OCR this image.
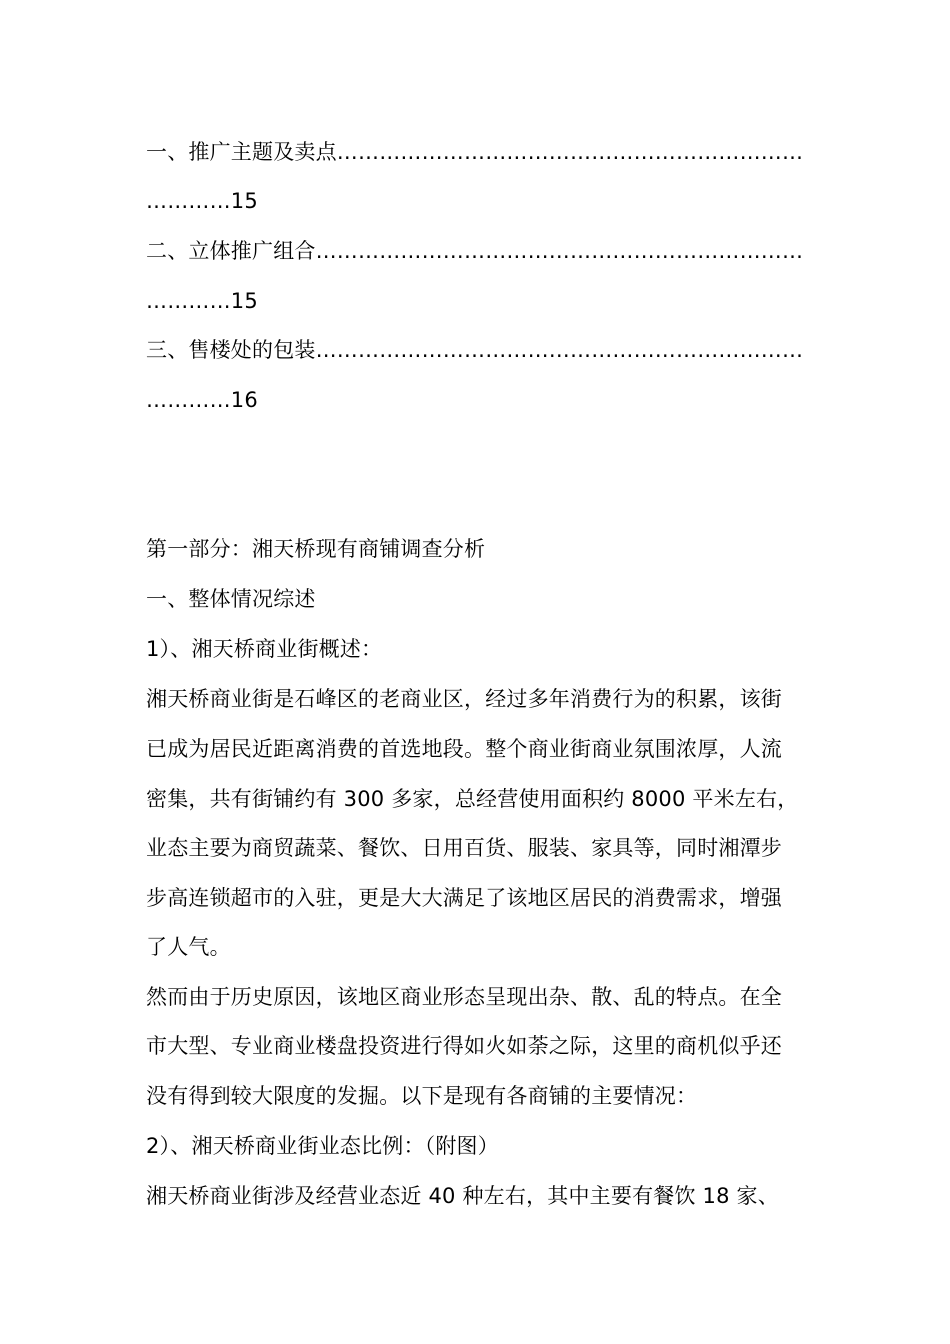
一、推广主题及卖点…………………………………………………………
…………15
二、立体推广组合……………………………………………………………
…………15
三、售楼处的包装……………………………………………………………
…………16
第一部分：湘天桥现有商铺调查分析
一、整体情况综述
1）、湘天桥商业街概述：
湘天桥商业街是石峰区的老商业区，经过多年消费行为的积累，该街
已成为居民近距离消费的首选地段。整个商业街商业氛围浓厚，人流
密集，共有街铺约有 300 多家，总经营使用面积约 8000 平米左右，
业态主要为商贸蔬菜、餐饮、日用百货、服装、家具等，同时湘潭步
步高连锁超市的入驻，更是大大满足了该地区居民的消费需求，增强
了人气。
然而由于历史原因，该地区商业形态呈现出杂、散、乱的特点。在全
市大型、专业商业楼盘投资进行得如火如荼之际，这里的商机似乎还
没有得到较大限度的发掘。以下是现有各商铺的主要情况：
2）、湘天桥商业街业态比例：（附图）
湘天桥商业街涉及经营业态近 40 种左右，其中主要有餐饮 18 家、
